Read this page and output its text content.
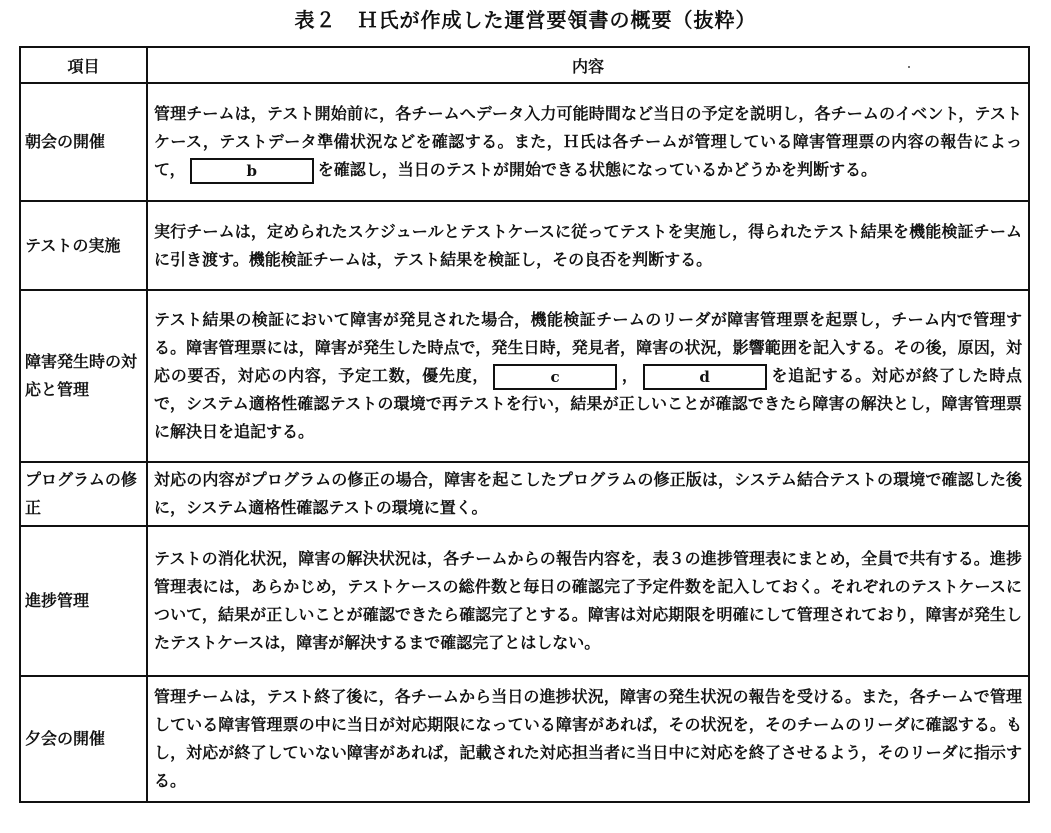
表２　Ｈ氏が作成した運営要領書の概要（抜粋）
項目	内容
朝会の開催	管理チームは，テスト開始前に，各チームへデータ入力可能時間など当日の予定を説明し，各チームのイベント，テストケース，テストデータ準備状況などを確認する。また，Ｈ氏は各チームが管理している障害管理票の内容の報告によって， b を確認し，当日のテストが開始できる状態になっているかどうかを判断する。
テストの実施	実行チームは，定められたスケジュールとテストケースに従ってテストを実施し，得られたテスト結果を機能検証チームに引き渡す。機能検証チームは，テスト結果を検証し，その良否を判断する。
障害発生時の対応と管理	テスト結果の検証において障害が発見された場合，機能検証チームのリーダが障害管理票を起票し，チーム内で管理する。障害管理票には，障害が発生した時点で，発生日時，発見者，障害の状況，影響範囲を記入する。その後，原因，対応の要否，対応の内容，予定工数，優先度， c ， d を追記する。対応が終了した時点で，システム適格性確認テストの環境で再テストを行い，結果が正しいことが確認できたら障害の解決とし，障害管理票に解決日を追記する。
プログラムの修正	対応の内容がプログラムの修正の場合，障害を起こしたプログラムの修正版は，システム結合テストの環境で確認した後に，システム適格性確認テストの環境に置く。
進捗管理	テストの消化状況，障害の解決状況は，各チームからの報告内容を，表３の進捗管理表にまとめ，全員で共有する。進捗管理表には，あらかじめ，テストケースの総件数と毎日の確認完了予定件数を記入しておく。それぞれのテストケースについて，結果が正しいことが確認できたら確認完了とする。障害は対応期限を明確にして管理されており，障害が発生したテストケースは，障害が解決するまで確認完了とはしない。
夕会の開催	管理チームは，テスト終了後に，各チームから当日の進捗状況，障害の発生状況の報告を受ける。また，各チームで管理している障害管理票の中に当日が対応期限になっている障害があれば，その状況を，そのチームのリーダに確認する。もし，対応が終了していない障害があれば，記載された対応担当者に当日中に対応を終了させるよう，そのリーダに指示する。
